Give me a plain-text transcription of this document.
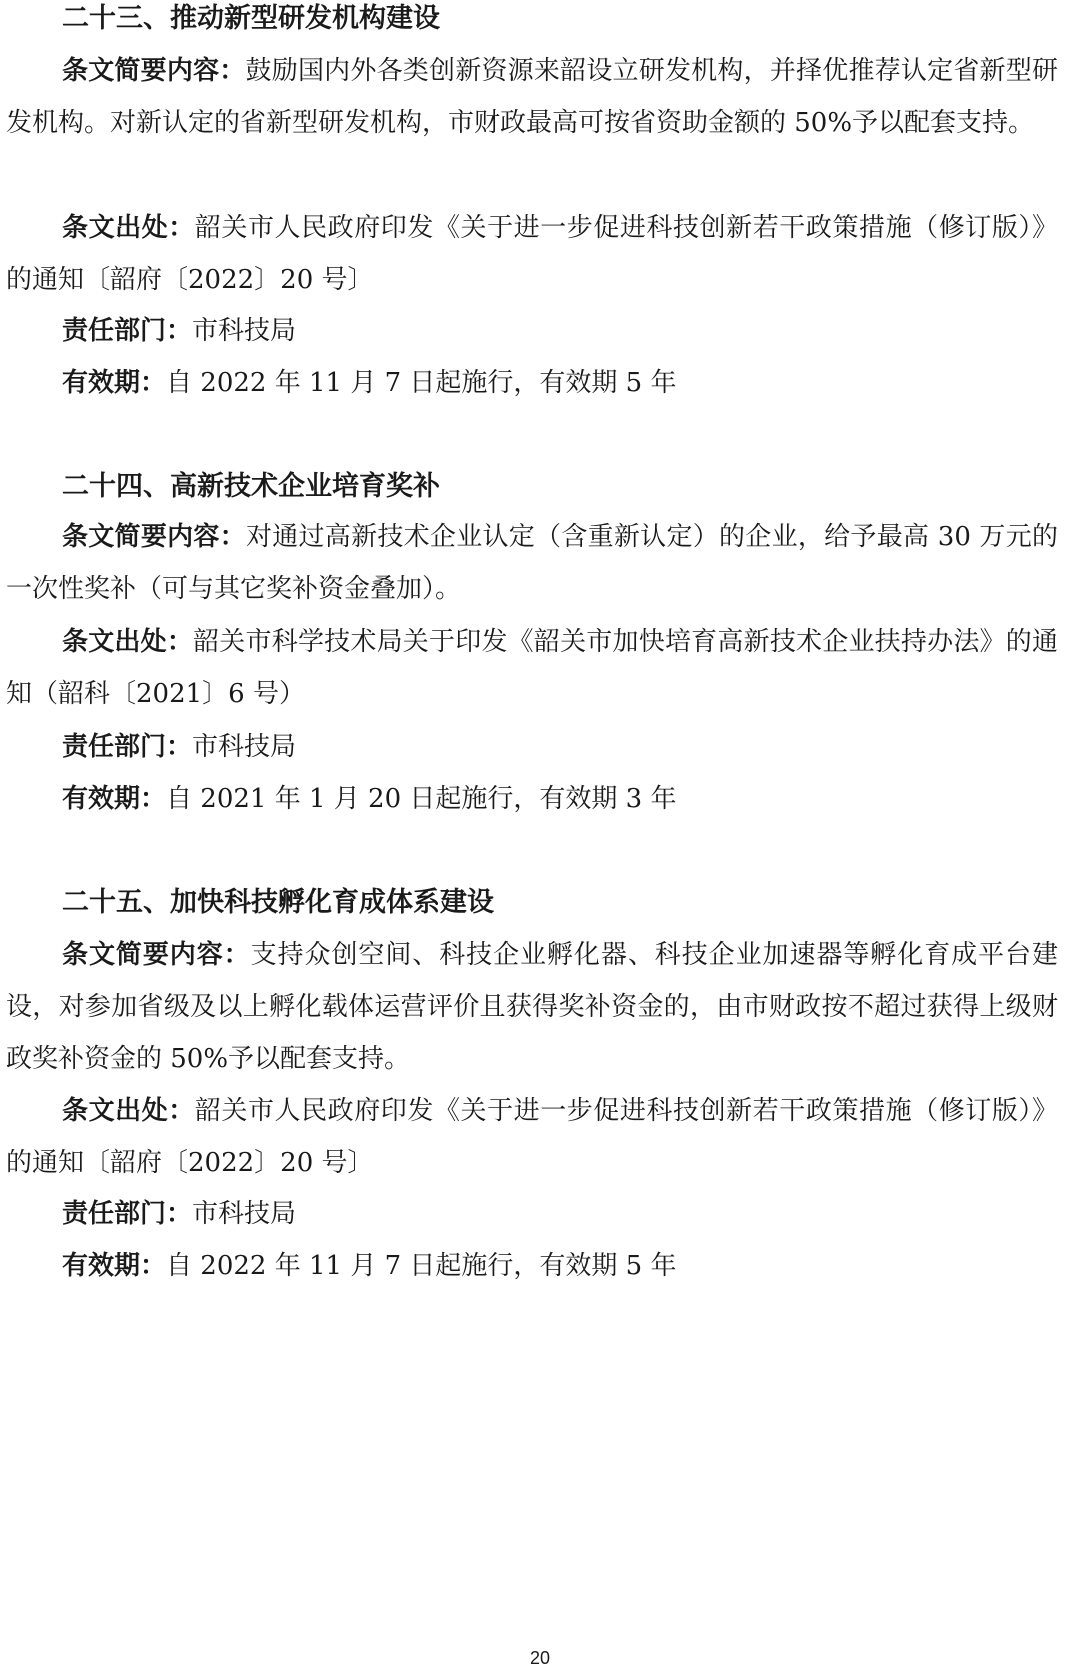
二十三、推动新型研发机构建设
条文简要内容：鼓励国内外各类创新资源来韶设立研发机构，并择优推荐认定省新型研发机构。对新认定的省新型研发机构，市财政最高可按省资助金额的 50%予以配套支持。
条文出处：韶关市人民政府印发《关于进一步促进科技创新若干政策措施（修订版）》的通知〔韶府〔2022〕20 号〕
责任部门：市科技局
有效期：自 2022 年 11 月 7 日起施行，有效期 5 年
二十四、高新技术企业培育奖补
条文简要内容：对通过高新技术企业认定（含重新认定）的企业，给予最高 30 万元的一次性奖补（可与其它奖补资金叠加）。
条文出处：韶关市科学技术局关于印发《韶关市加快培育高新技术企业扶持办法》的通知（韶科〔2021〕6 号）
责任部门：市科技局
有效期：自 2021 年 1 月 20 日起施行，有效期 3 年
二十五、加快科技孵化育成体系建设
条文简要内容：支持众创空间、科技企业孵化器、科技企业加速器等孵化育成平台建设，对参加省级及以上孵化载体运营评价且获得奖补资金的，由市财政按不超过获得上级财政奖补资金的 50%予以配套支持。
条文出处：韶关市人民政府印发《关于进一步促进科技创新若干政策措施（修订版）》的通知〔韶府〔2022〕20 号〕
责任部门：市科技局
有效期：自 2022 年 11 月 7 日起施行，有效期 5 年
20
